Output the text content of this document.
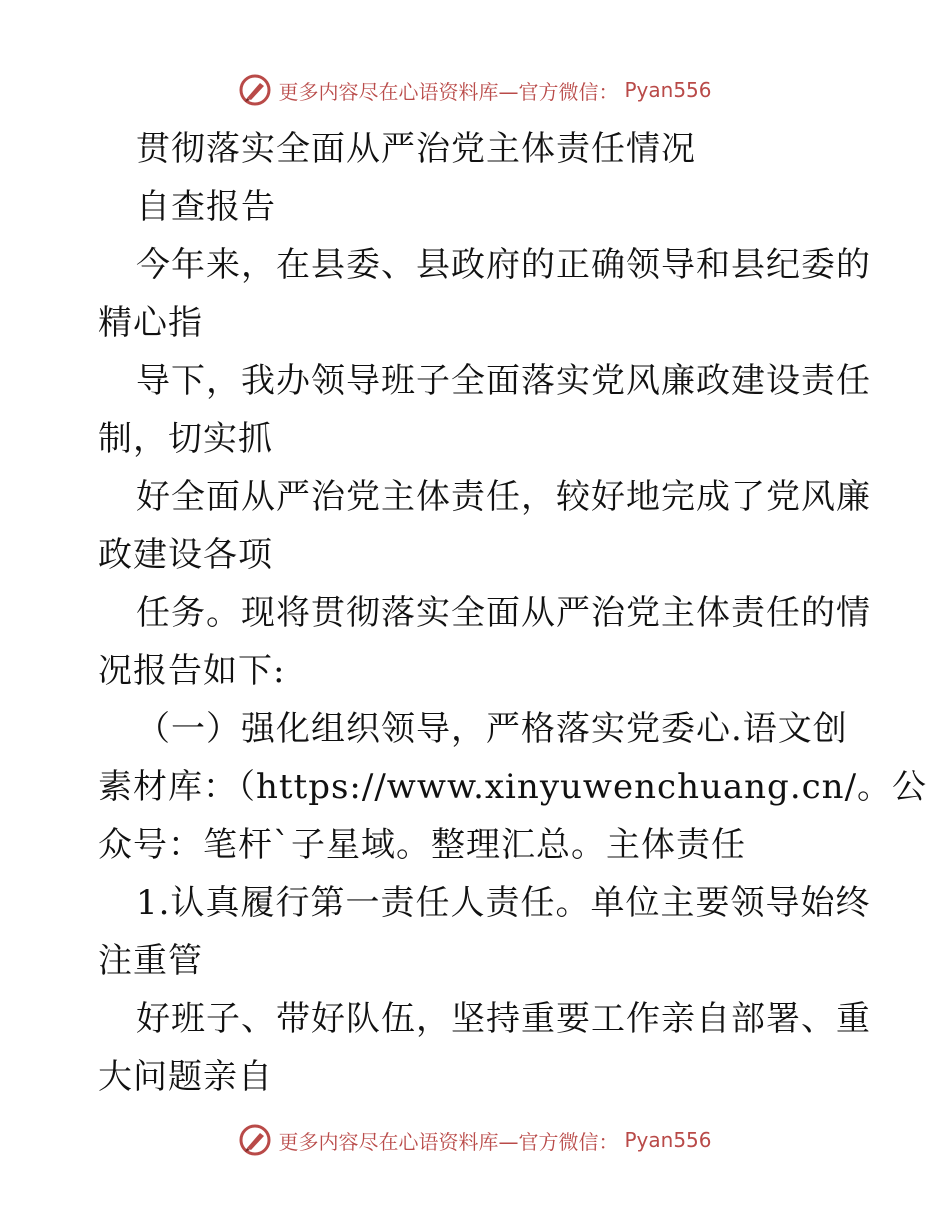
更多内容尽在心语资料库—官方微信： Pyan556
贯彻落实全面从严治党主体责任情况
自查报告
今年来，在县委、县政府的正确领导和县纪委的
精心指
导下，我办领导班子全面落实党风廉政建设责任
制，切实抓
好全面从严治党主体责任，较好地完成了党风廉
政建设各项
任务。现将贯彻落实全面从严治党主体责任的情
况报告如下:
（一）强化组织领导，严格落实党委心.语文创
素材库：（https://www.xinyuwenchuang.cn/。公
众号：笔杆`子星域。整理汇总。主体责任
1.认真履行第一责任人责任。单位主要领导始终
注重管
好班子、带好队伍，坚持重要工作亲自部署、重
大问题亲自
更多内容尽在心语资料库—官方微信： Pyan556
